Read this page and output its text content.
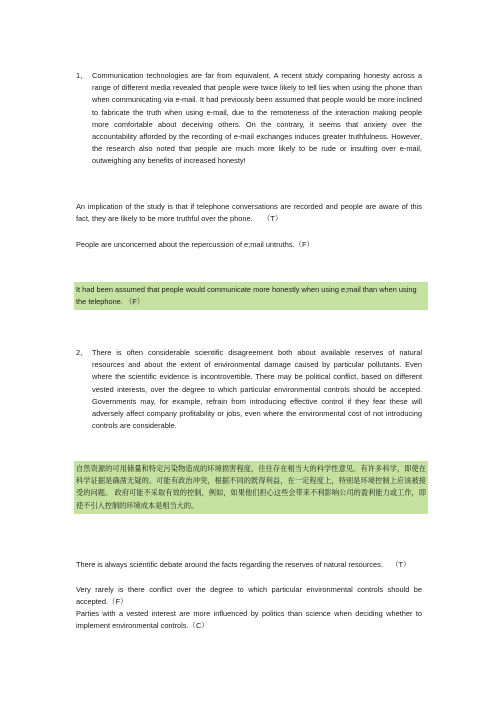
1、 Communication technologies are far from equivalent. A recent study comparing honesty across a range of different media revealed that people were twice likely to tell lies when using the phone than when communicating via e-mail. It had previously been assumed that people would be more inclined to fabricate the truth when using e-mail, due to the remoteness of the interaction making people more comfortable about deceiving others. On the contrary, it seems that anxiety over the accountability afforded by the recording of e-mail exchanges induces greater truthfulness. However, the research also noted that people are much more likely to be rude or insulting over e-mail, outweighing any benefits of increased honesty!
An implication of the study is that if telephone conversations are recorded and people are aware of this fact, they are likely to be more truthful over the phone.     （T）
People are unconcerned about the repercussion of e;mail untruths.（F）
It had been assumed that people would communicate more honestly when using e;mail than when using the telephone. （F）
2、 There is often considerable scientific disagreement both about available reserves of natural resources and about the extent of environmental damage caused by particular pollutants. Even where the scientific evidence is incontrovertible. There may be political conflict, based on different vested interests, over the degree to which particular environmental controls should be accepted. Governments may, for example, refrain from introducing effective control if they fear these will adversely affect company profitability or jobs, even where the environmental cost of not introducing controls are considerable.
自然资源的可用储量和特定污染物造成的环境损害程度，往往存在相当大的科学性意见。有许多科学，即使在科学证据是确凿无疑的。可能有政治冲突，根据不同的既得利益，在一定程度上，特别是环境控制上应该被接受的问题。 政府可能不采取有效的控制，例如，如果他们担心这些会带来不利影响公司的盈利能力或工作，即使不引入控制的环境成本是相当大的。
There is always scientific debate around the facts regarding the reserves of natural resources.    （T）
Very rarely is there conflict over the degree to which particular environmental controls should be accepted.（F）
Parties with a vested interest are more influenced by politics than science when deciding whether to implement environmental controls.（C）
